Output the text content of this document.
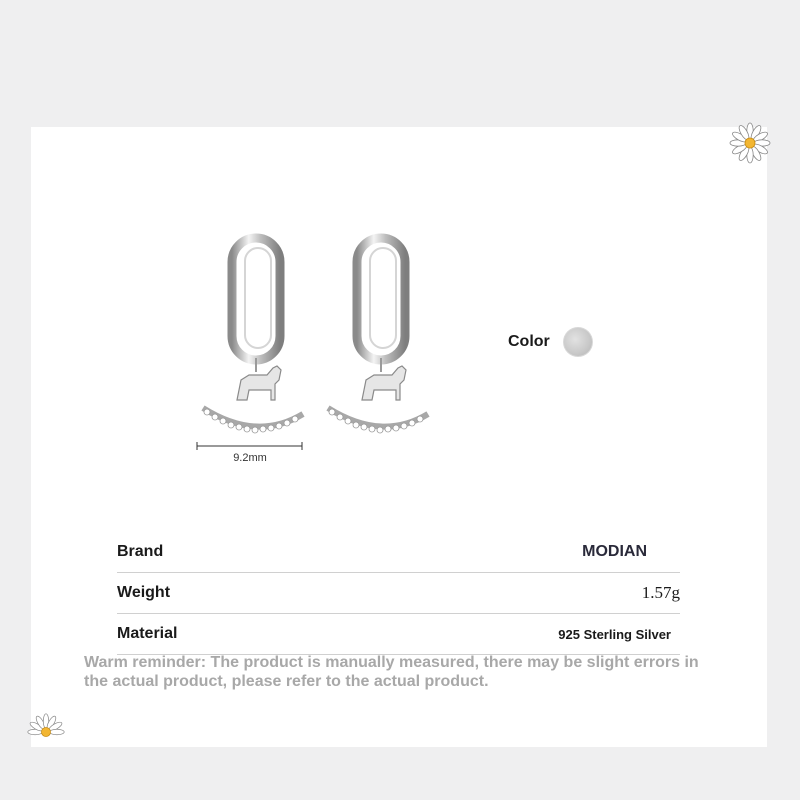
9.2mm
Color
Brand	MODIAN
Weight	1.57g
Material	925 Sterling Silver
Warm reminder: The product is manually measured, there may be slight errors in the actual product, please refer to the actual product.
